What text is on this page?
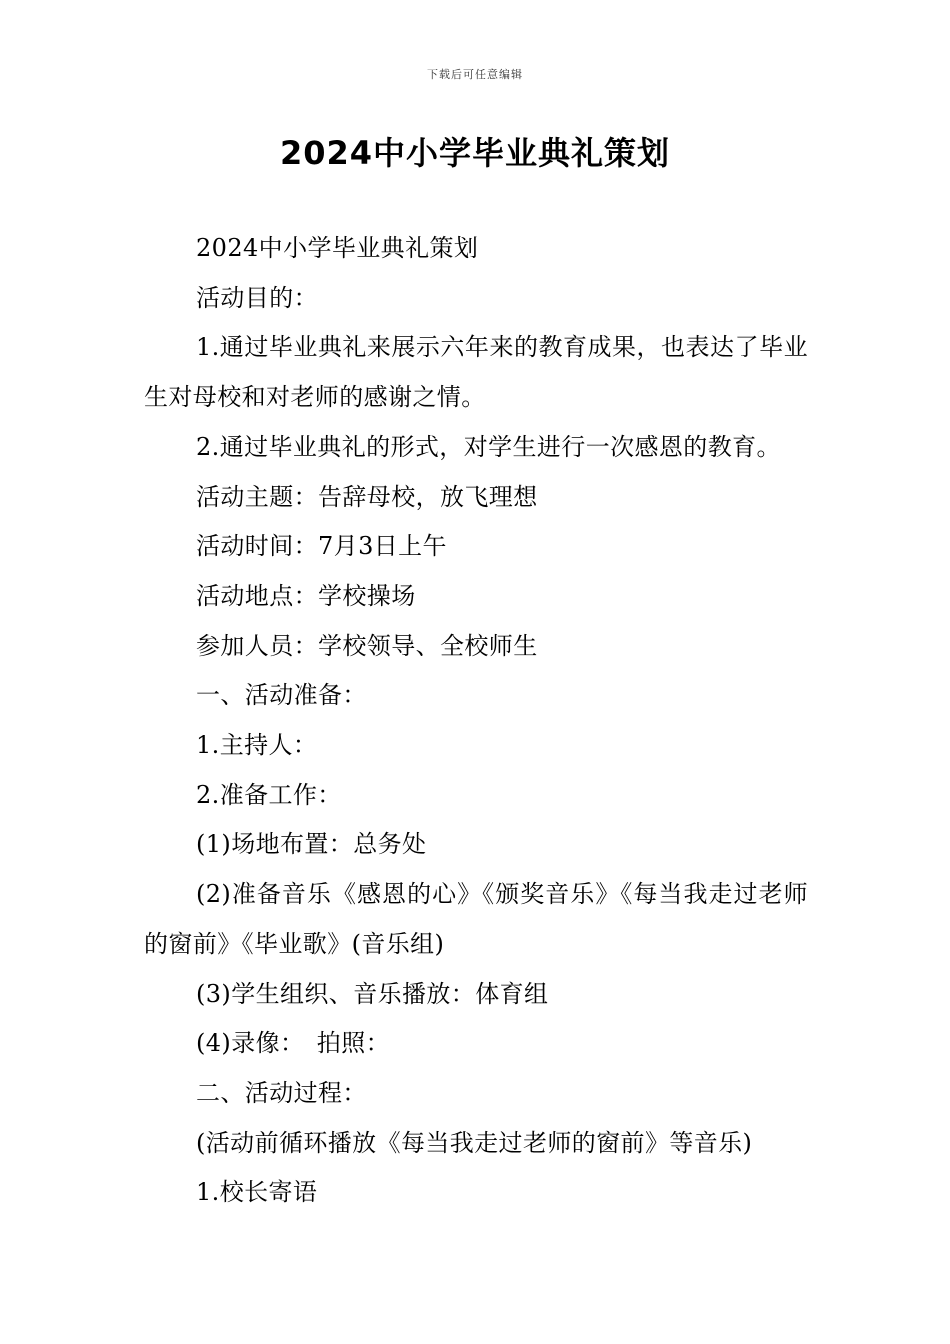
下载后可任意编辑
2024中小学毕业典礼策划

2024中小学毕业典礼策划

活动目的：

1.通过毕业典礼来展示六年来的教育成果，也表达了毕业生对母校和对老师的感谢之情。

2.通过毕业典礼的形式，对学生进行一次感恩的教育。

活动主题：告辞母校，放飞理想

活动时间：7月3日上午

活动地点：学校操场

参加人员：学校领导、全校师生

一、活动准备：

1.主持人：

2.准备工作：

(1)场地布置：总务处

(2)准备音乐《感恩的心》《颁奖音乐》《每当我走过老师的窗前》《毕业歌》(音乐组)

(3)学生组织、音乐播放：体育组

(4)录像：　拍照：

二、活动过程：

(活动前循环播放《每当我走过老师的窗前》等音乐)

1.校长寄语
